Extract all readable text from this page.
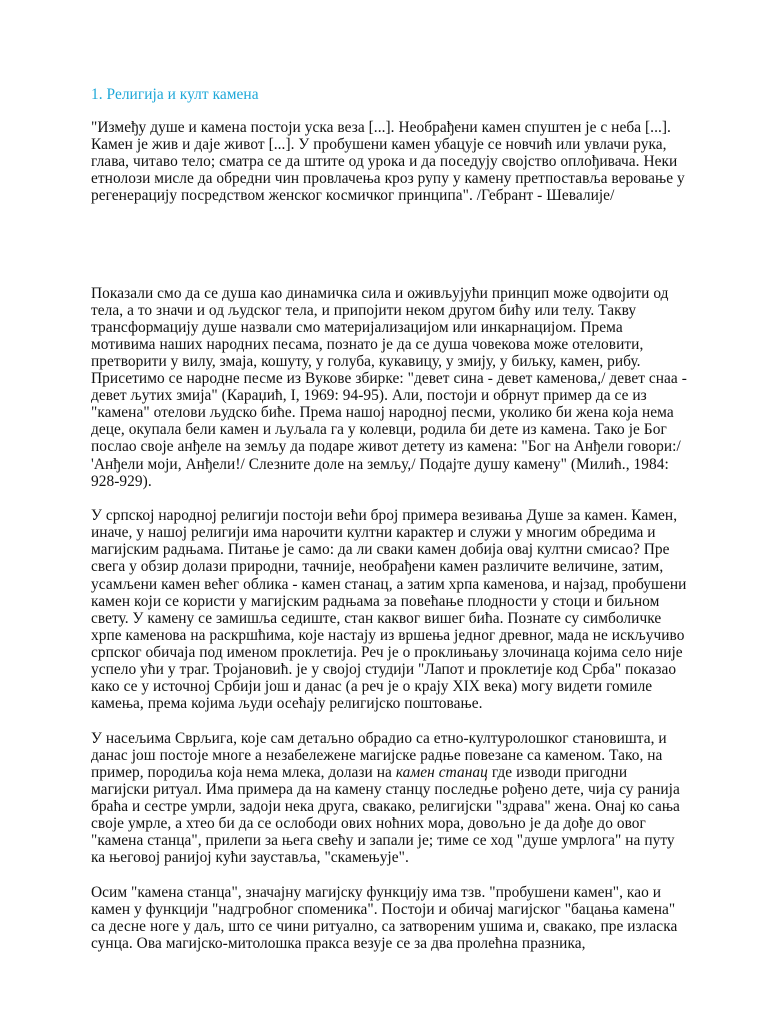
1. Религија и култ камена

"Између душе и камена постоји уска веза [...]. Необрађени камен спуштен је с неба [...]. Камен је жив и даје живот [...]. У пробушени камен убацује се новчић или увлачи рука, глава, читаво тело; сматра се да штите од урока и да поседују својство оплођивача. Неки етнолози мисле да обредни чин провлачења кроз рупу у камену претпоставља веровање у регенерацију посредством женског космичког принципа". /Гебрант - Шевалије/

Показали смо да се душа као динамичка сила и оживљујући принцип може одвојити од тела, а то значи и од људског тела, и припојити неком другом бићу или телу. Такву трансформацију душе назвали смо материјализацијом или инкарнацијом. Према мотивима наших народних песама, познато је да се душа човекова може отеловити, претворити у вилу, змаја, кошуту, у голуба, кукавицу, у змију, у биљку, камен, рибу. Присетимо се народне песме из Вукове збирке: "девет сина - девет каменова,/ девет снаа - девет љутих змија" (Караџић, I, 1969: 94-95). Али, постоји и обрнут пример да се из "камена" отелови људско биће. Према нашој народној песми, уколико би жена која нема деце, окупала бели камен и љуљала га у колевци, родила би дете из камена. Тако је Бог послао своје анђеле на земљу да подаре живот детету из камена: "Бог на Анђели говори:/ 'Анђели моји, Анђели!/ Слезните доле на земљу,/ Подајте душу камену" (Милић., 1984: 928-929).

У српској народној религији постоји већи број примера везивања Душе за камен. Камен, иначе, у нашој религији има нарочити култни карактер и служи у многим обредима и магијским радњама. Питање је само: да ли сваки камен добија овај култни смисао? Пре свега у обзир долази природни, тачније, необрађени камен различите величине, затим, усамљени камен већег облика - камен станац, а затим хрпа каменова, и најзад, пробушени камен који се користи у магијским радњама за повећање плодности у стоци и биљном свету. У камену се замишља седиште, стан каквог вишег бића. Познате су симболичке хрпе каменова на раскршћима, које настају из вршења једног древног, мада не искључиво српског обичаја под именом проклетија. Реч је о проклињању злочинаца којима село није успело ући у траг. Тројановић. је у својој студији "Лапот и проклетије код Срба" показао како се у источној Србији још и данас (а реч је о крају XIX века) могу видети гомиле камења, према којима људи осећају религијско поштовање.

У насељима Сврљига, које сам детаљно обрадио са етно-културолошког становишта, и данас још постоје многе а незабележене магијске радње повезане са каменом. Тако, на пример, породиља која нема млека, долази на камен станац где изводи пригодни магијски ритуал. Има примера да на камену станцу последње рођено дете, чија су ранија браћа и сестре умрли, задоји нека друга, свакако, религијски "здрава" жена. Онај ко сања своје умрле, а хтео би да се ослободи ових ноћних мора, довољно је да дође до овог "камена станца", прилепи за њега свећу и запали је; тиме се ход "душе умрлога" на путу ка његовој ранијој кући зауставља, "скамењује".

Осим "камена станца", значајну магијску функцију има тзв. "пробушени камен", као и камен у функцији "надгробног споменика". Постоји и обичај магијског "бацања камена" са десне ноге у даљ, што се чини ритуално, са затвореним ушима и, свакако, пре изласка сунца. Ова магијско-митолошка пракса везује се за два пролећна празника,
